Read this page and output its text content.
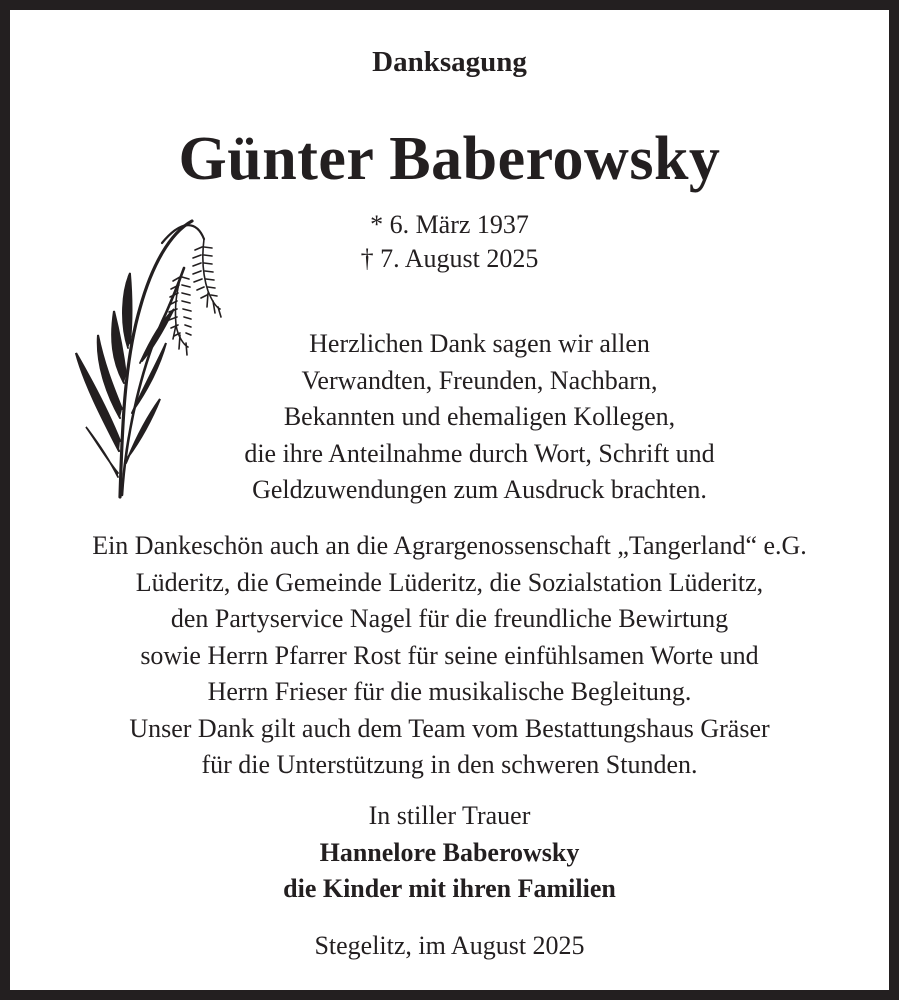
Danksagung
Günter Baberowsky
* 6. März 1937
† 7. August 2025
Herzlichen Dank sagen wir allen
Verwandten, Freunden, Nachbarn,
Bekannten und ehemaligen Kollegen,
die ihre Anteilnahme durch Wort, Schrift und
Geldzuwendungen zum Ausdruck brachten.
Ein Dankeschön auch an die Agrargenossenschaft „Tangerland“ e.G.
Lüderitz, die Gemeinde Lüderitz, die Sozialstation Lüderitz,
den Partyservice Nagel für die freundliche Bewirtung
sowie Herrn Pfarrer Rost für seine einfühlsamen Worte und
Herrn Frieser für die musikalische Begleitung.
Unser Dank gilt auch dem Team vom Bestattungshaus Gräser
für die Unterstützung in den schweren Stunden.
In stiller Trauer
Hannelore Baberowsky
die Kinder mit ihren Familien
Stegelitz, im August 2025
